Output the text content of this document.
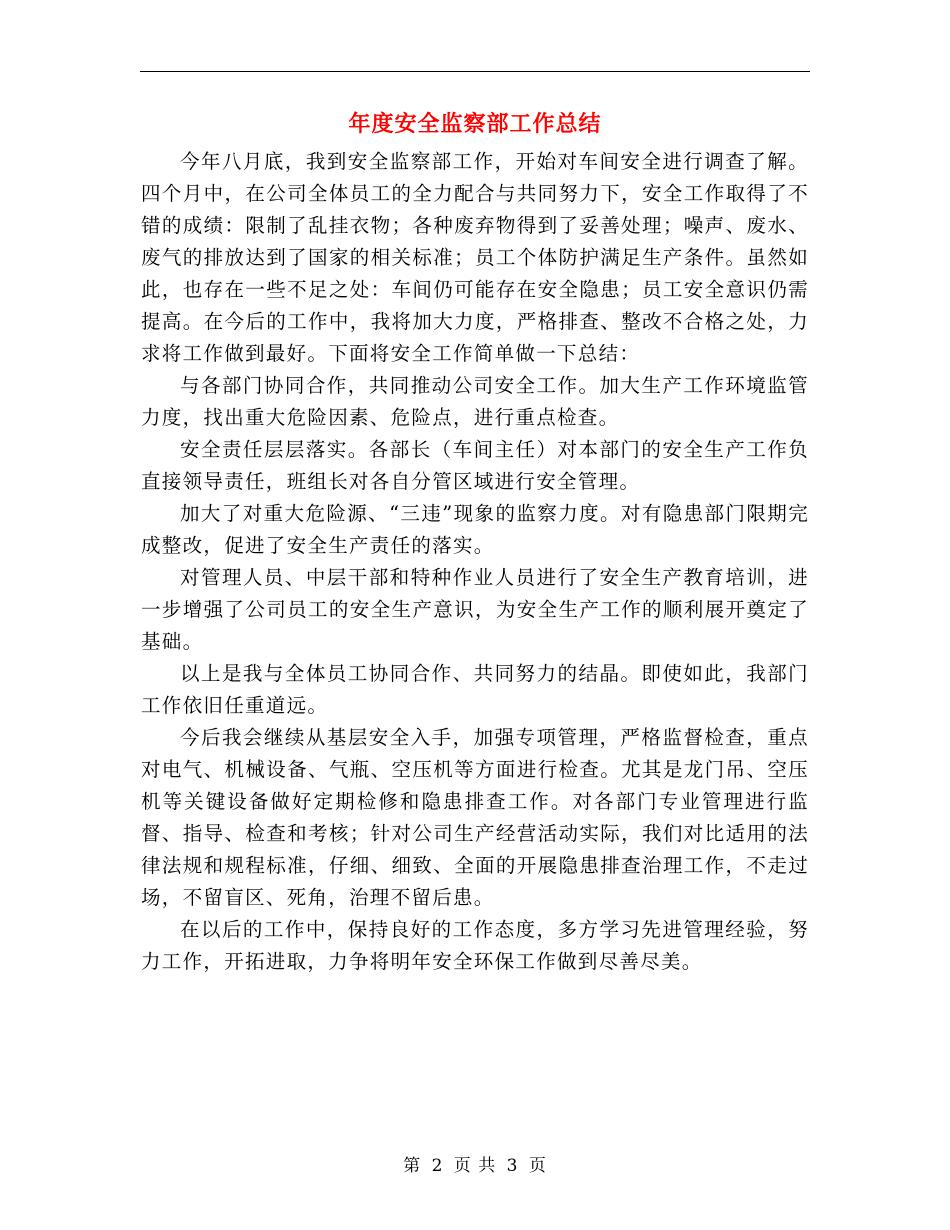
年度安全监察部工作总结

今年八月底，我到安全监察部工作，开始对车间安全进行调查了解。四个月中，在公司全体员工的全力配合与共同努力下，安全工作取得了不错的成绩：限制了乱挂衣物；各种废弃物得到了妥善处理；噪声、废水、废气的排放达到了国家的相关标准；员工个体防护满足生产条件。虽然如此，也存在一些不足之处：车间仍可能存在安全隐患；员工安全意识仍需提高。在今后的工作中，我将加大力度，严格排查、整改不合格之处，力求将工作做到最好。下面将安全工作简单做一下总结：

与各部门协同合作，共同推动公司安全工作。加大生产工作环境监管力度，找出重大危险因素、危险点，进行重点检查。

安全责任层层落实。各部长（车间主任）对本部门的安全生产工作负直接领导责任，班组长对各自分管区域进行安全管理。

加大了对重大危险源、“三违”现象的监察力度。对有隐患部门限期完成整改，促进了安全生产责任的落实。

对管理人员、中层干部和特种作业人员进行了安全生产教育培训，进一步增强了公司员工的安全生产意识，为安全生产工作的顺利展开奠定了基础。

以上是我与全体员工协同合作、共同努力的结晶。即使如此，我部门工作依旧任重道远。

今后我会继续从基层安全入手，加强专项管理，严格监督检查，重点对电气、机械设备、气瓶、空压机等方面进行检查。尤其是龙门吊、空压机等关键设备做好定期检修和隐患排查工作。对各部门专业管理进行监督、指导、检查和考核；针对公司生产经营活动实际，我们对比适用的法律法规和规程标准，仔细、细致、全面的开展隐患排查治理工作，不走过场，不留盲区、死角，治理不留后患。

在以后的工作中，保持良好的工作态度，多方学习先进管理经验，努力工作，开拓进取，力争将明年安全环保工作做到尽善尽美。

第 2 页 共 3 页
